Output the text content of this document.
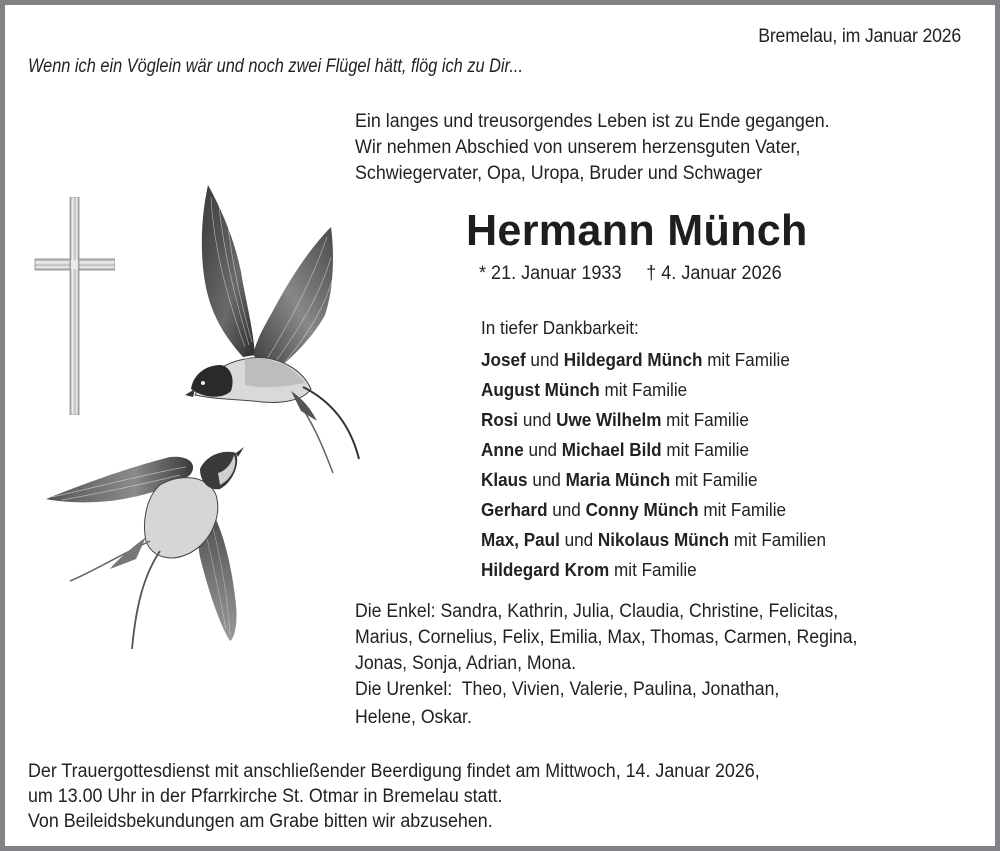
Bremelau, im Januar 2026
Wenn ich ein Vöglein wär und noch zwei Flügel hätt, flög ich zu Dir...
Ein langes und treusorgendes Leben ist zu Ende gegangen.
Wir nehmen Abschied von unserem herzensguten Vater,
Schwiegervater, Opa, Uropa, Bruder und Schwager
Hermann Münch
* 21. Januar 1933 † 4. Januar 2026
In tiefer Dankbarkeit:
Josef und Hildegard Münch mit Familie
August Münch mit Familie
Rosi und Uwe Wilhelm mit Familie
Anne und Michael Bild mit Familie
Klaus und Maria Münch mit Familie
Gerhard und Conny Münch mit Familie
Max, Paul und Nikolaus Münch mit Familien
Hildegard Krom mit Familie
Die Enkel: Sandra, Kathrin, Julia, Claudia, Christine, Felicitas,
Marius, Cornelius, Felix, Emilia, Max, Thomas, Carmen, Regina,
Jonas, Sonja, Adrian, Mona.
Die Urenkel:  Theo, Vivien, Valerie, Paulina, Jonathan,
Helene, Oskar.
Der Trauergottesdienst mit anschließender Beerdigung findet am Mittwoch, 14. Januar 2026,
um 13.00 Uhr in der Pfarrkirche St. Otmar in Bremelau statt.
Von Beileidsbekundungen am Grabe bitten wir abzusehen.
